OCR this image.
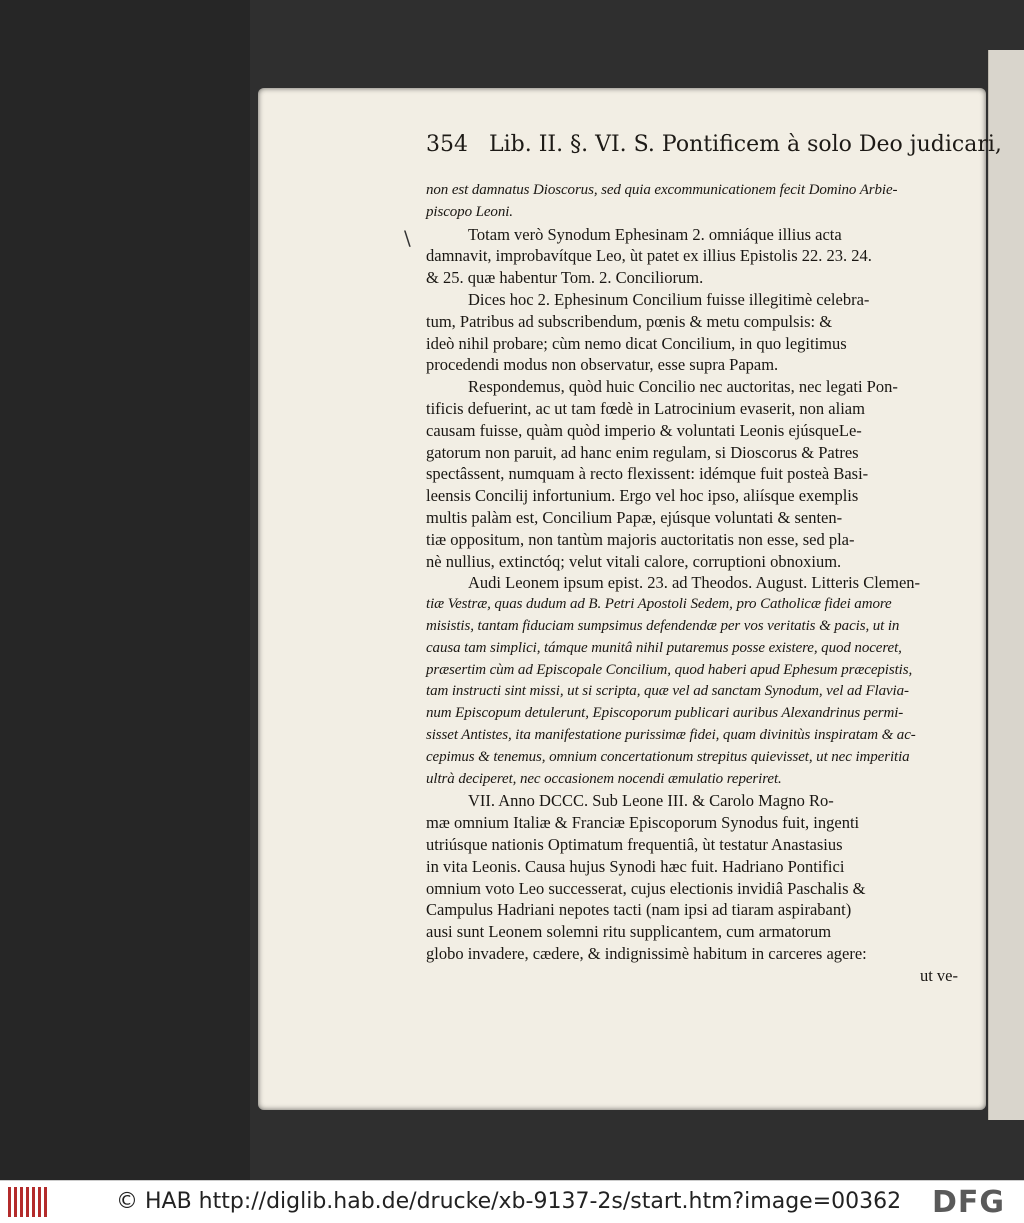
354 Lib. II. §. VI. S. Pontificem à solo Deo judicari,
\
non est damnatus Dioscorus, sed quia excommunicationem fecit Domino Arbie-
piscopo Leoni.
Totam verò Synodum Ephesinam 2. omniáque illius acta
damnavit, improbavítque Leo, ùt patet ex illius Epistolis 22. 23. 24.
& 25. quæ habentur Tom. 2. Conciliorum.
Dices hoc 2. Ephesinum Concilium fuisse illegitimè celebra-
tum, Patribus ad subscribendum, pœnis & metu compulsis: &
ideò nihil probare; cùm nemo dicat Concilium, in quo legitimus
procedendi modus non observatur, esse supra Papam.
Respondemus, quòd huic Concilio nec auctoritas, nec legati Pon-
tificis defuerint, ac ut tam fœdè in Latrocinium evaserit, non aliam
causam fuisse, quàm quòd imperio & voluntati Leonis ejúsqueLe-
gatorum non paruit, ad hanc enim regulam, si Dioscorus & Patres
spectâssent, numquam à recto flexissent: idémque fuit posteà Basi-
leensis Concilij infortunium. Ergo vel hoc ipso, aliísque exemplis
multis palàm est, Concilium Papæ, ejúsque voluntati & senten-
tiæ oppositum, non tantùm majoris auctoritatis non esse, sed pla-
nè nullius, extinctóq; velut vitali calore, corruptioni obnoxium.
Audi Leonem ipsum epist. 23. ad Theodos. August. Litteris Clemen-
tiæ Vestræ, quas dudum ad B. Petri Apostoli Sedem, pro Catholicæ fidei amore
misistis, tantam fiduciam sumpsimus defendendæ per vos veritatis & pacis, ut in
causa tam simplici, támque munitâ nihil putaremus posse existere, quod noceret,
præsertim cùm ad Episcopale Concilium, quod haberi apud Ephesum præcepistis,
tam instructi sint missi, ut si scripta, quæ vel ad sanctam Synodum, vel ad Flavia-
num Episcopum detulerunt, Episcoporum publicari auribus Alexandrinus permi-
sisset Antistes, ita manifestatione purissimæ fidei, quam divinitùs inspiratam & ac-
cepimus & tenemus, omnium concertationum strepitus quievisset, ut nec imperitia
ultrà deciperet, nec occasionem nocendi æmulatio reperiret.
VII. Anno DCCC. Sub Leone III. & Carolo Magno Ro-
mæ omnium Italiæ & Franciæ Episcoporum Synodus fuit, ingenti
utriúsque nationis Optimatum frequentiâ, ùt testatur Anastasius
in vita Leonis. Causa hujus Synodi hæc fuit. Hadriano Pontifici
omnium voto Leo successerat, cujus electionis invidiâ Paschalis &
Campulus Hadriani nepotes tacti (nam ipsi ad tiaram aspirabant)
ausi sunt Leonem solemni ritu supplicantem, cum armatorum
globo invadere, cædere, & indignissimè habitum in carceres agere:
ut ve-
© HAB http://diglib.hab.de/drucke/xb-9137-2s/start.htm?image=00362 DFG
